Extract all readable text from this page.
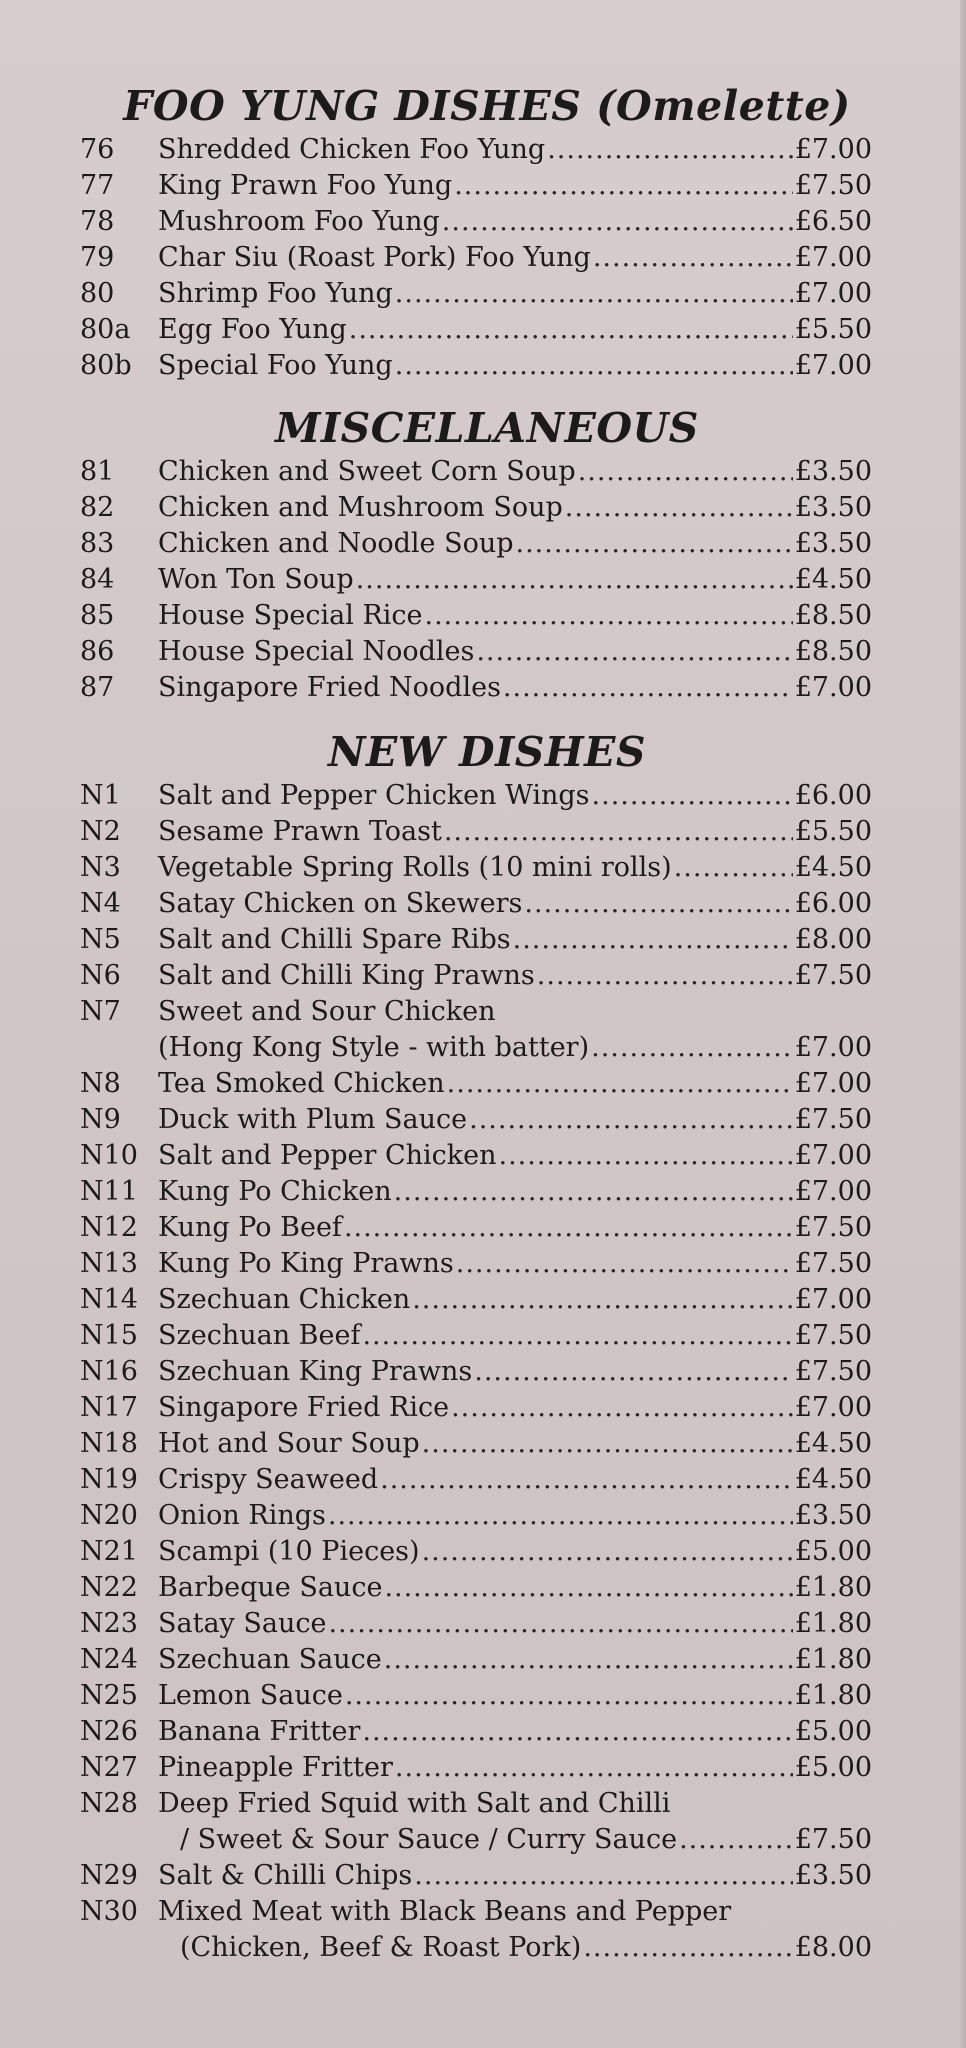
FOO YUNG DISHES (Omelette)
76	Shredded Chicken Foo Yung .....	£7.00
77	King Prawn Foo Yung .....	£7.50
78	Mushroom Foo Yung .....	£6.50
79	Char Siu (Roast Pork) Foo Yung .....	£7.00
80	Shrimp Foo Yung .....	£7.00
80a	Egg Foo Yung .....	£5.50
80b Special Foo Yung .....	£7.00
MISCELLANEOUS
81	Chicken and Sweet Corn Soup .....	£3.50
82	Chicken and Mushroom Soup .....	£3.50
83	Chicken and Noodle Soup .....	£3.50
84	Won Ton Soup .....	£4.50
85	House Special Rice .....	£8.50
86	House Special Noodles .....	£8.50
87	Singapore Fried Noodles .....	£7.00
NEW DISHES
N1	Salt and Pepper Chicken Wings .....	£6.00
N2	Sesame Prawn Toast .....	£5.50
N3	Vegetable Spring Rolls (10 mini rolls) .....	£4.50
N4	Satay Chicken on Skewers .....	£6.00
N5	Salt and Chilli Spare Ribs .....	£8.00
N6	Salt and Chilli King Prawns .....	£7.50
N7	Sweet and Sour Chicken
(Hong Kong Style - with batter) .....	£7.00
N8	Tea Smoked Chicken .....	£7.00
N9	Duck with Plum Sauce .....	£7.50
N10 Salt and Pepper Chicken .....	£7.00
N11 Kung Po Chicken .....	£7.00
N12 Kung Po Beef .....	£7.50
N13 Kung Po King Prawns .....	£7.50
N14 Szechuan Chicken .....	£7.00
N15 Szechuan Beef .....	£7.50
N16 Szechuan King Prawns .....	£7.50
N17 Singapore Fried Rice .....	£7.00
N18 Hot and Sour Soup .....	£4.50
N19 Crispy Seaweed .....	£4.50
N20 Onion Rings .....	£3.50
N21 Scampi (10 Pieces) .....	£5.00
N22 Barbeque Sauce .....	£1.80
N23 Satay Sauce .....	£1.80
N24 Szechuan Sauce .....	£1.80
N25 Lemon Sauce .....	£1.80
N26 Banana Fritter .....	£5.00
N27 Pineapple Fritter .....	£5.00
N28 Deep Fried Squid with Salt and Chilli
/ Sweet & Sour Sauce / Curry Sauce .....	£7.50
N29 Salt & Chilli Chips .....	£3.50
N30 Mixed Meat with Black Beans and Pepper
(Chicken, Beef & Roast Pork) .....	£8.00
